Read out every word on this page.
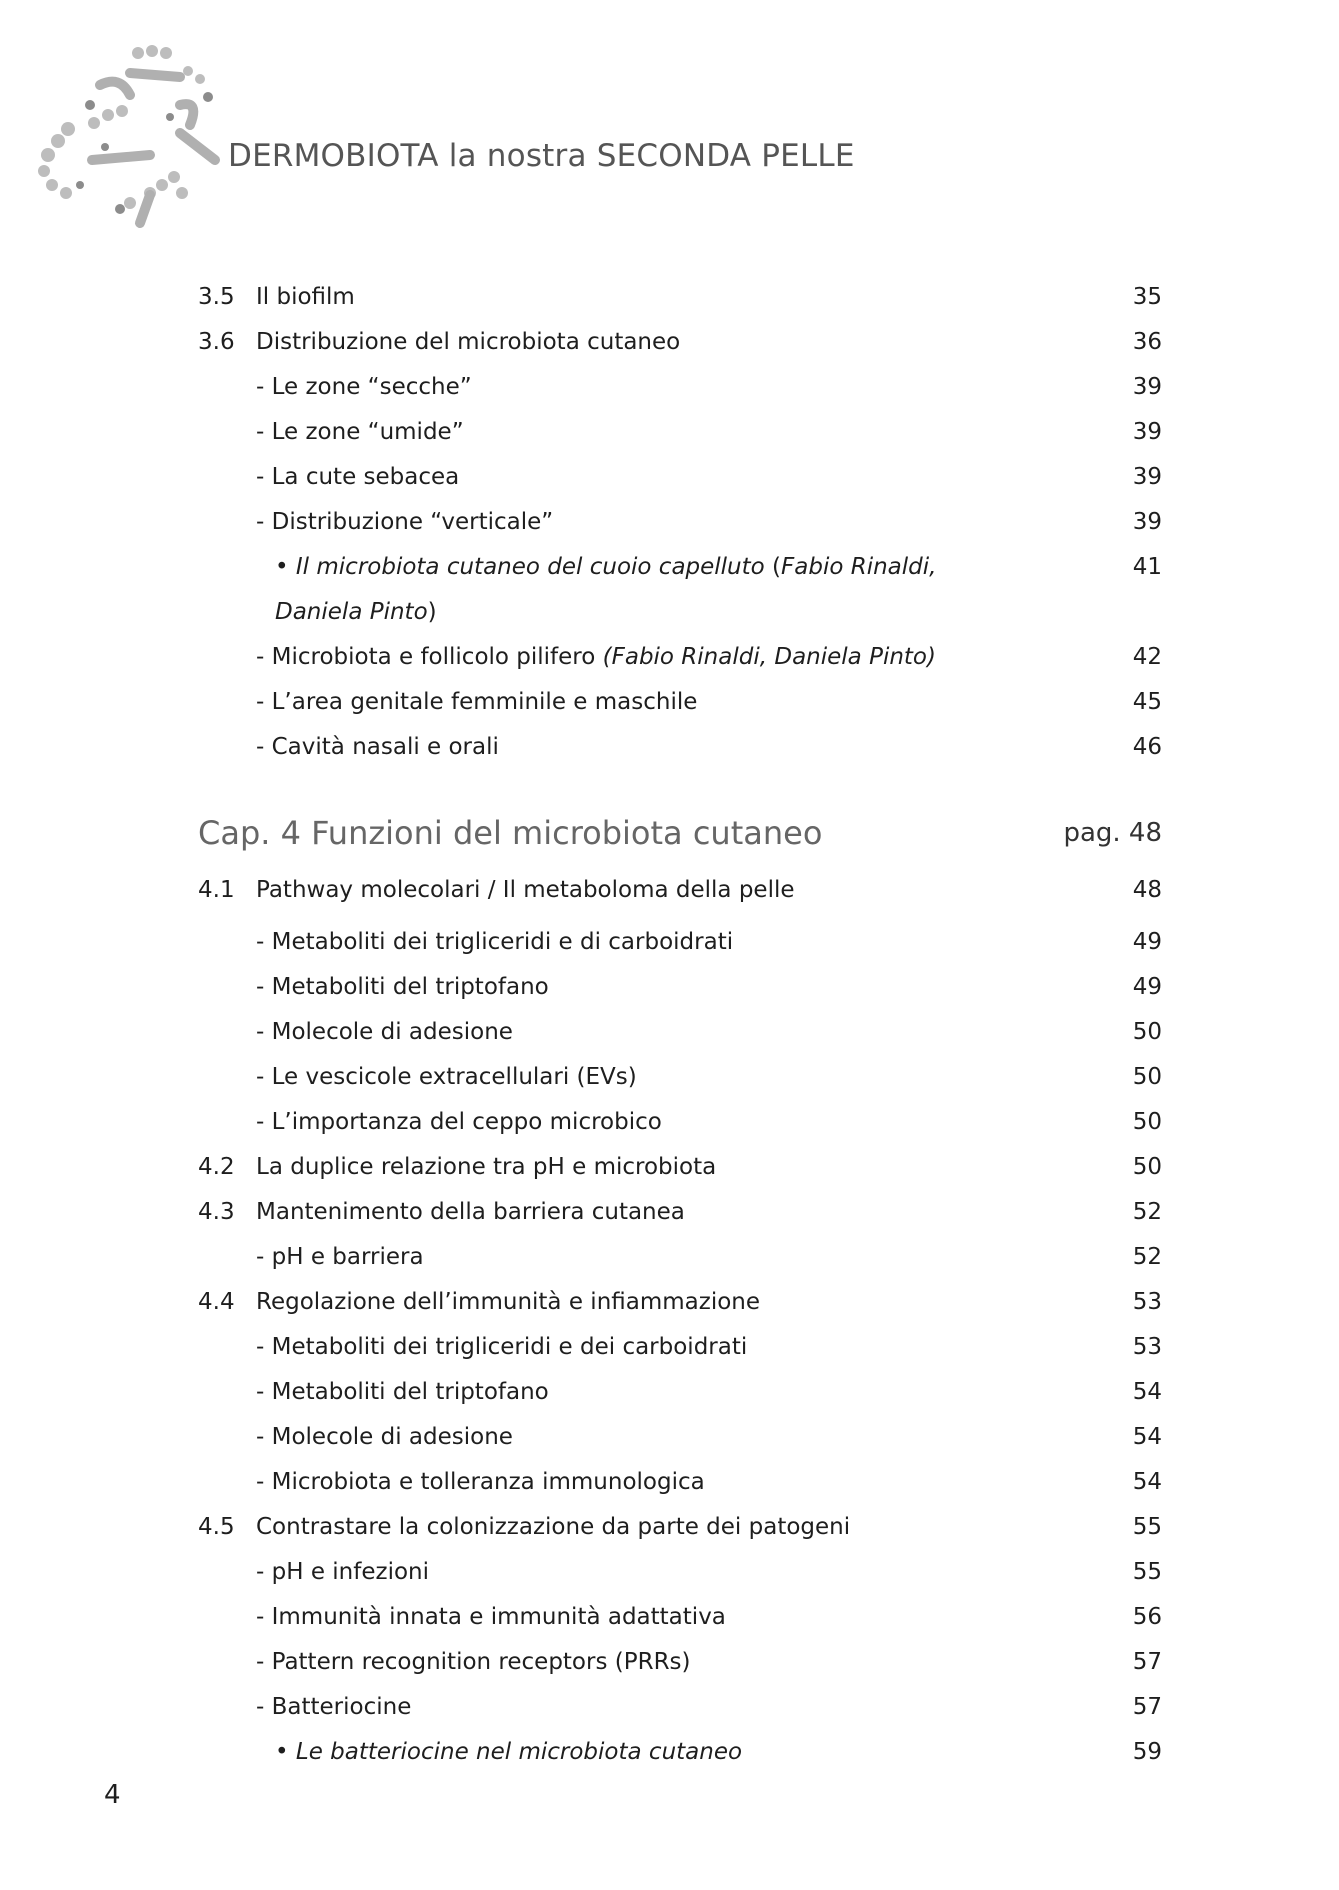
DERMOBIOTA la nostra SECONDA PELLE
3.5 Il biofilm	35
3.6 Distribuzione del microbiota cutaneo	36
- Le zone “secche”	39
- Le zone “umide”	39
- La cute sebacea	39
- Distribuzione “verticale”	39
• Il microbiota cutaneo del cuoio capelluto (Fabio Rinaldi,	41
Daniela Pinto)
- Microbiota e follicolo pilifero (Fabio Rinaldi, Daniela Pinto)	42
- L’area genitale femminile e maschile	45
- Cavità nasali e orali	46
Cap. 4 Funzioni del microbiota cutaneo	pag. 48
4.1 Pathway molecolari / Il metaboloma della pelle	48
- Metaboliti dei trigliceridi e di carboidrati	49
- Metaboliti del triptofano	49
- Molecole di adesione	50
- Le vescicole extracellulari (EVs)	50
- L’importanza del ceppo microbico	50
4.2 La duplice relazione tra pH e microbiota	50
4.3 Mantenimento della barriera cutanea	52
- pH e barriera	52
4.4 Regolazione dell’immunità e infiammazione	53
- Metaboliti dei trigliceridi e dei carboidrati	53
- Metaboliti del triptofano	54
- Molecole di adesione	54
- Microbiota e tolleranza immunologica	54
4.5 Contrastare la colonizzazione da parte dei patogeni	55
- pH e infezioni	55
- Immunità innata e immunità adattativa	56
- Pattern recognition receptors (PRRs)	57
- Batteriocine	57
• Le batteriocine nel microbiota cutaneo	59
4
